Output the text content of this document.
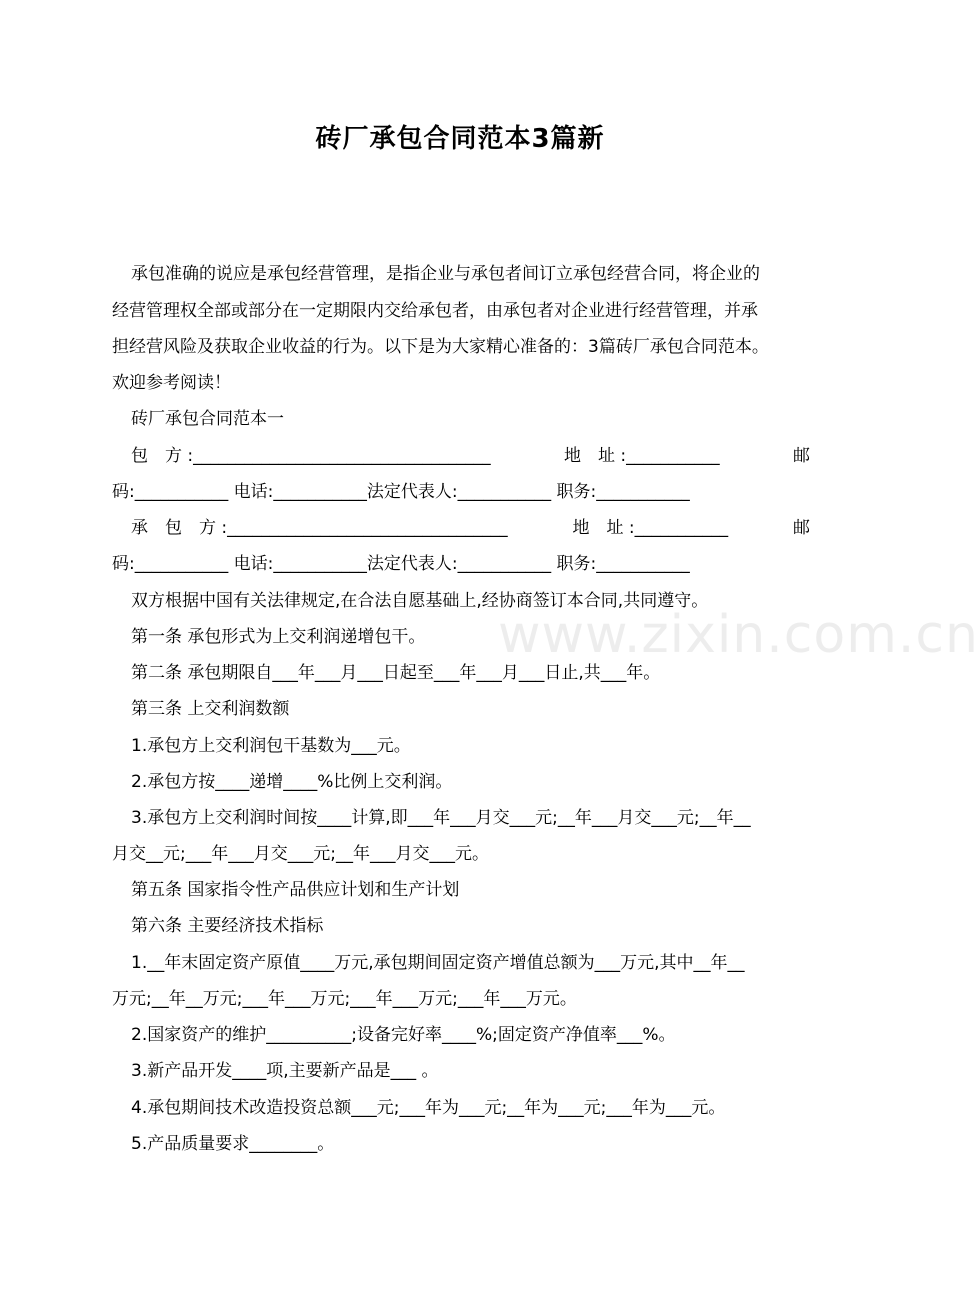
www.zixin.com.cn
砖厂承包合同范本3篇新
承包准确的说应是承包经营管理，是指企业与承包者间订立承包经营合同，将企业的
经营管理权全部或部分在一定期限内交给承包者，由承包者对企业进行经营管理，并承
担经营风险及获取企业收益的行为。以下是为大家精心准备的：3篇砖厂承包合同范本。
欢迎参考阅读！
砖厂承包合同范本一
包　方 :___________________________________	地　址 :___________	邮
码:___________ 电话:___________法定代表人:___________ 职务:___________
承　包　方 :_________________________________	地　址 :___________	邮
码:___________ 电话:___________法定代表人:___________ 职务:___________
双方根据中国有关法律规定,在合法自愿基础上,经协商签订本合同,共同遵守。
第一条 承包形式为上交利润递增包干。
第二条 承包期限自___年___月___日起至___年___月___日止,共___年。
第三条 上交利润数额
1.承包方上交利润包干基数为___元。
2.承包方按____递增____%比例上交利润。
3.承包方上交利润时间按____计算,即___年___月交___元;__年___月交___元;__年__
月交__元;___年___月交___元;__年___月交___元。
第五条 国家指令性产品供应计划和生产计划
第六条 主要经济技术指标
1.__年末固定资产原值____万元,承包期间固定资产增值总额为___万元,其中__年__
万元;__年__万元;___年___万元;___年___万元;___年___万元。
2.国家资产的维护__________;设备完好率____%;固定资产净值率___%。
3.新产品开发____项,主要新产品是___ 。
4.承包期间技术改造投资总额___元;___年为___元;__年为___元;___年为___元。
5.产品质量要求________。
